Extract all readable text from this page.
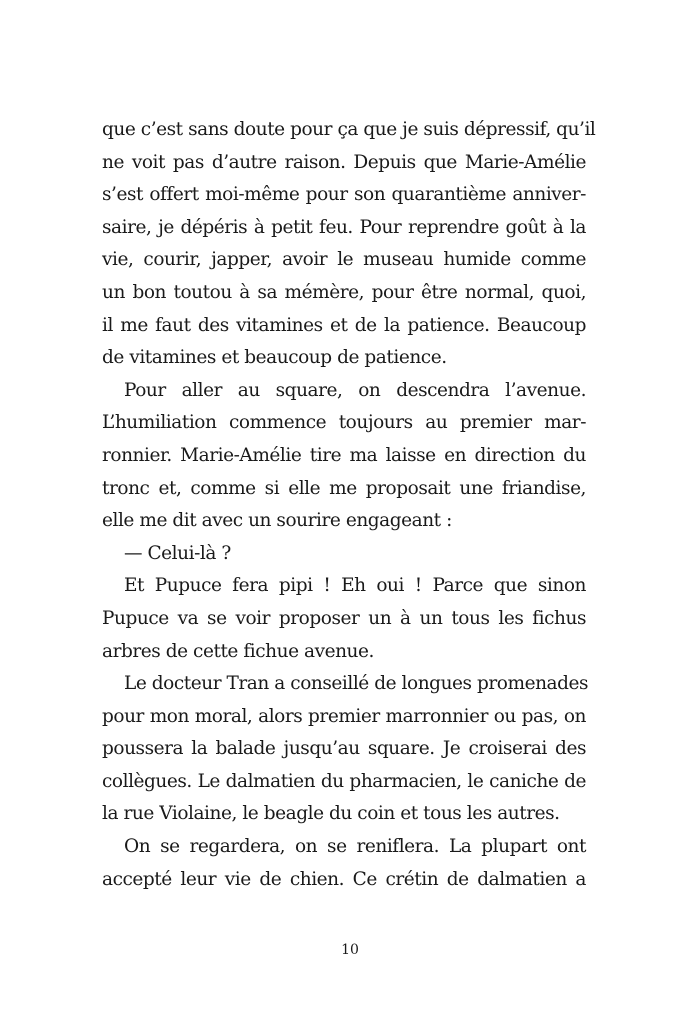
que c’est sans doute pour ça que je suis dépressif, qu’il
ne voit pas d’autre raison. Depuis que Marie-Amélie
s’est offert moi-même pour son quarantième anniver-
saire, je dépéris à petit feu. Pour reprendre goût à la
vie, courir, japper, avoir le museau humide comme
un bon toutou à sa mémère, pour être normal, quoi,
il me faut des vitamines et de la patience. Beaucoup
de vitamines et beaucoup de patience.
Pour aller au square, on descendra l’avenue.
L’humiliation commence toujours au premier mar-
ronnier. Marie-Amélie tire ma laisse en direction du
tronc et, comme si elle me proposait une friandise,
elle me dit avec un sourire engageant :
— Celui-là ?
Et Pupuce fera pipi ! Eh oui ! Parce que sinon
Pupuce va se voir proposer un à un tous les fichus
arbres de cette fichue avenue.
Le docteur Tran a conseillé de longues promenades
pour mon moral, alors premier marronnier ou pas, on
poussera la balade jusqu’au square. Je croiserai des
collègues. Le dalmatien du pharmacien, le caniche de
la rue Violaine, le beagle du coin et tous les autres.
On se regardera, on se reniflera. La plupart ont
accepté leur vie de chien. Ce crétin de dalmatien a
10
